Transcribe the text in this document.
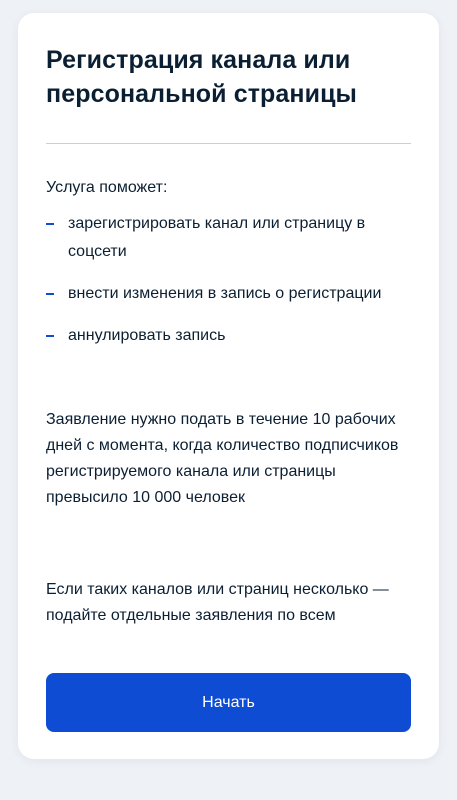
Регистрация канала или персональной страницы
Услуга поможет:
зарегистрировать канал или страницу в соцсети
внести изменения в запись о регистрации
аннулировать запись

Заявление нужно подать в течение 10 рабочих дней с момента, когда количество подписчиков регистрируемого канала или страницы превысило 10 000 человек

Если таких каналов или страниц несколько — подайте отдельные заявления по всем

Начать
